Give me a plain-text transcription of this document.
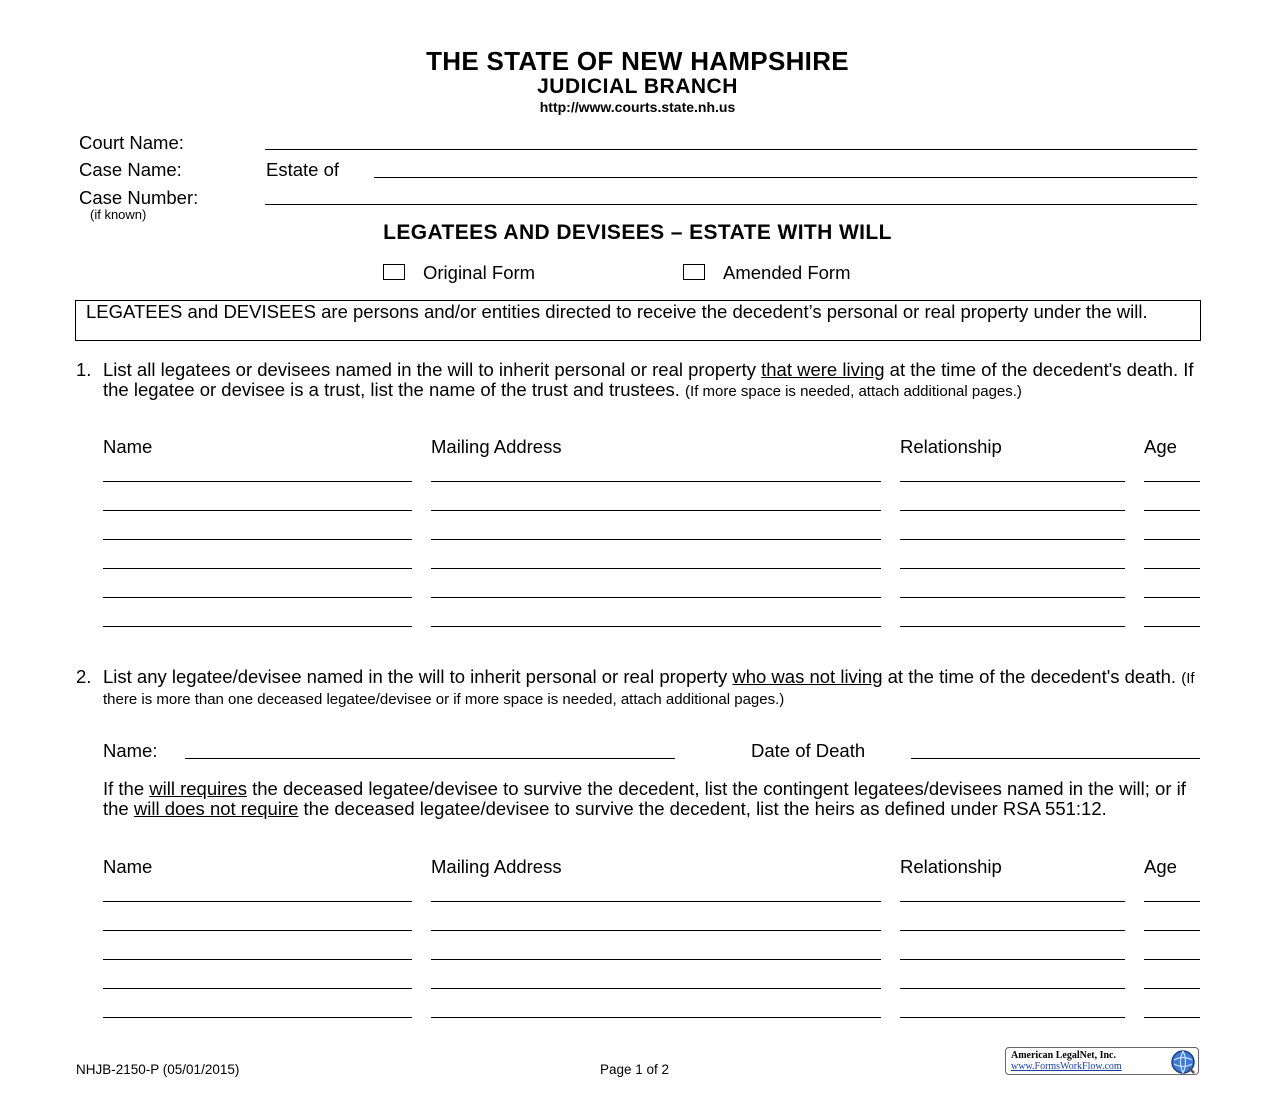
THE STATE OF NEW HAMPSHIRE
JUDICIAL BRANCH
http://www.courts.state.nh.us
Court Name:
Case Name:	Estate of
Case Number:
(if known)
LEGATEES AND DEVISEES – ESTATE WITH WILL
Original Form	Amended Form
LEGATEES and DEVISEES are persons and/or entities directed to receive the decedent’s personal or real property under the will.
1. List all legatees or devisees named in the will to inherit personal or real property that were living at the time of the decedent's death. If the legatee or devisee is a trust, list the name of the trust and trustees. (If more space is needed, attach additional pages.)
Name	Mailing Address	Relationship	Age
2. List any legatee/devisee named in the will to inherit personal or real property who was not living at the time of the decedent's death. (If there is more than one deceased legatee/devisee or if more space is needed, attach additional pages.)
Name:	Date of Death
If the will requires the deceased legatee/devisee to survive the decedent, list the contingent legatees/devisees named in the will; or if the will does not require the deceased legatee/devisee to survive the decedent, list the heirs as defined under RSA 551:12.
Name	Mailing Address	Relationship	Age
NHJB-2150-P (05/01/2015)	Page 1 of 2
American LegalNet, Inc.
www.FormsWorkFlow.com
